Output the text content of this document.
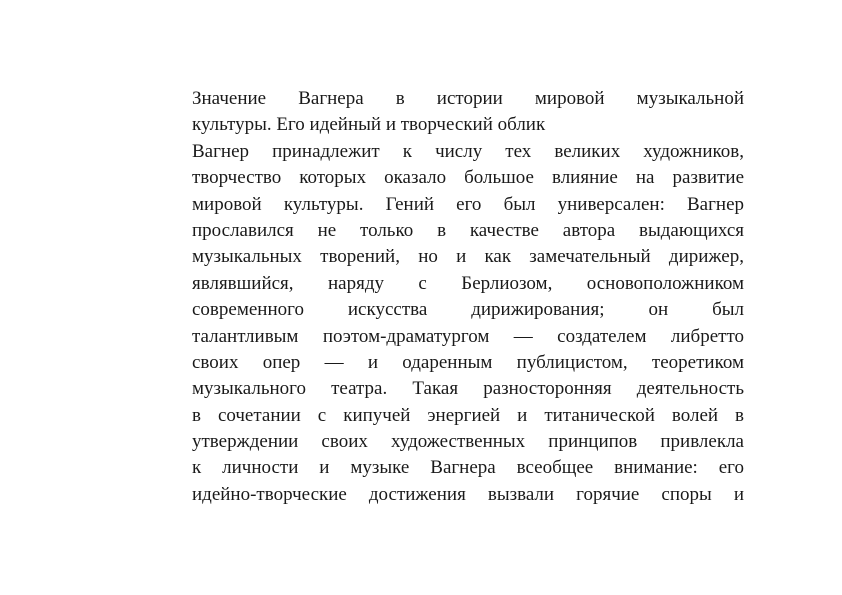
Значение Вагнера в истории мировой музыкальной
культуры. Его идейный и творческий облик
Вагнер принадлежит к числу тех великих художников,
творчество которых оказало большое влияние на развитие
мировой культуры. Гений его был универсален: Вагнер
прославился не только в качестве автора выдающихся
музыкальных творений, но и как замечательный дирижер,
являвшийся, наряду с Берлиозом, основоположником
современного искусства дирижирования; он был
талантливым поэтом-драматургом — создателем либретто
своих опер — и одаренным публицистом, теоретиком
музыкального театра. Такая разносторонняя деятельность
в сочетании с кипучей энергией и титанической волей в
утверждении своих художественных принципов привлекла
к личности и музыке Вагнера всеобщее внимание: его
идейно-творческие достижения вызвали горячие споры и
